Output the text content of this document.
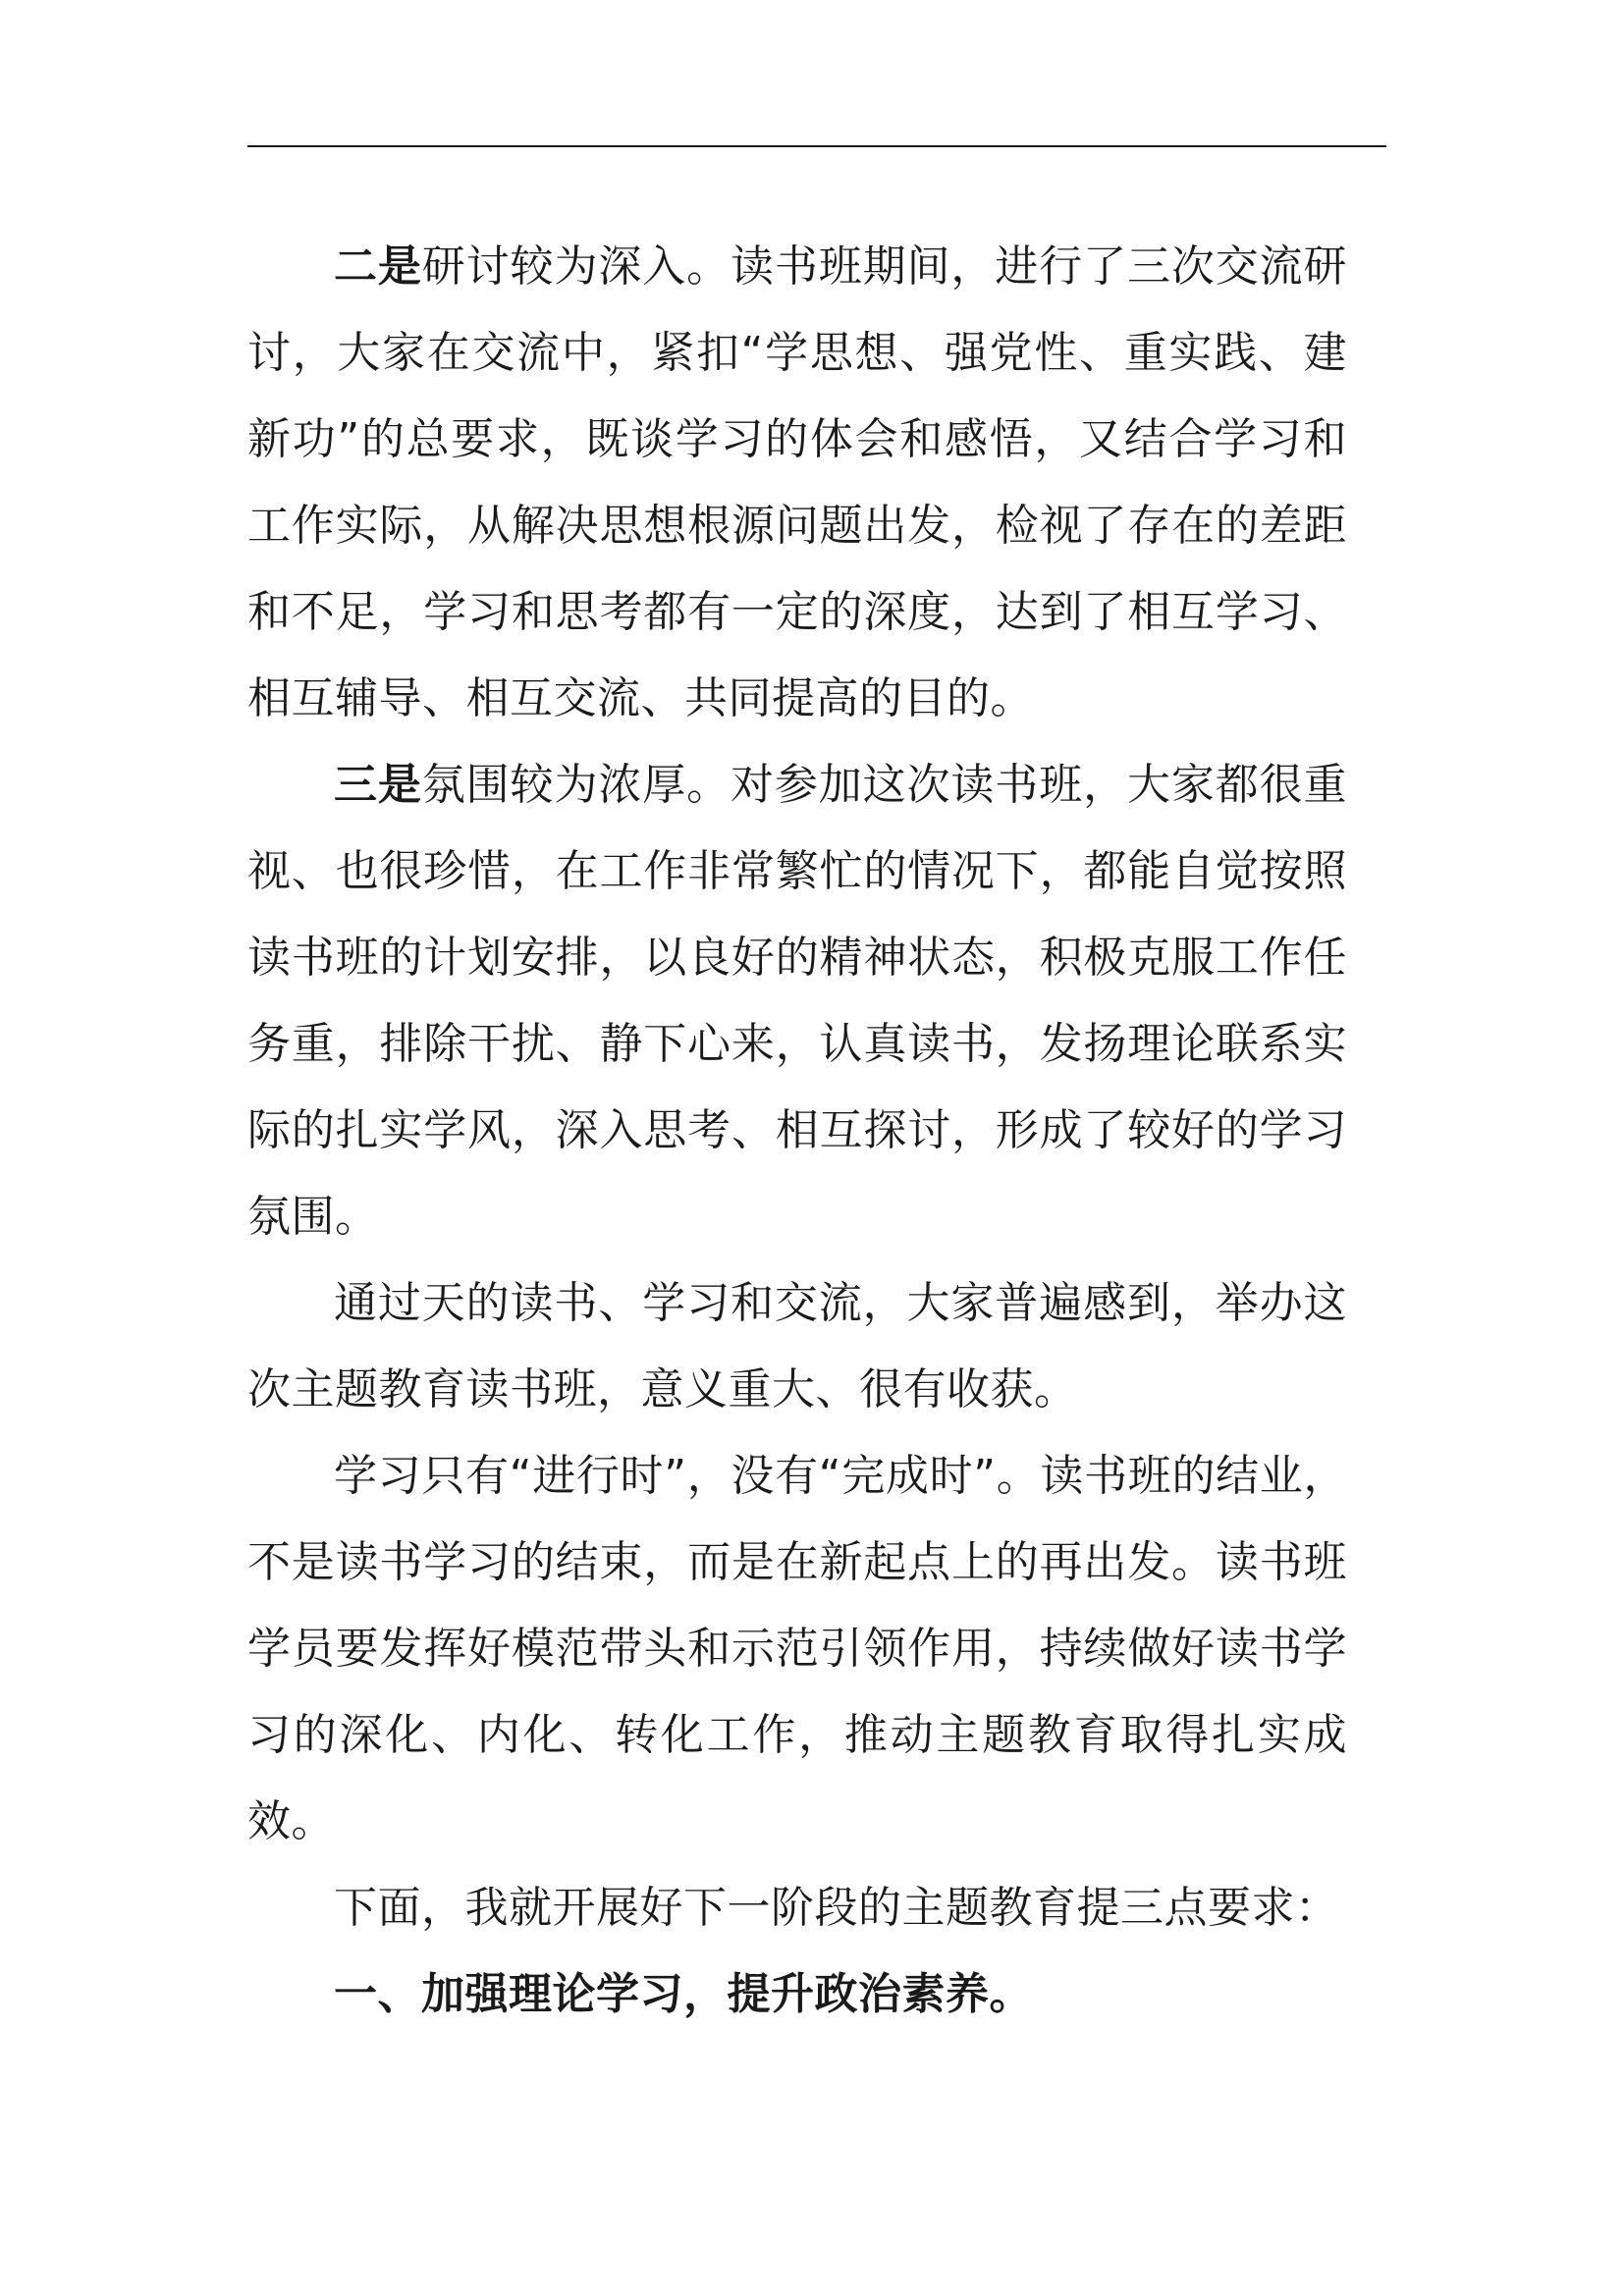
二是研讨较为深入。读书班期间，进行了三次交流研讨，大家在交流中，紧扣“学思想、强党性、重实践、建新功”的总要求，既谈学习的体会和感悟，又结合学习和工作实际，从解决思想根源问题出发，检视了存在的差距和不足，学习和思考都有一定的深度，达到了相互学习、相互辅导、相互交流、共同提高的目的。

三是氛围较为浓厚。对参加这次读书班，大家都很重视、也很珍惜，在工作非常繁忙的情况下，都能自觉按照读书班的计划安排，以良好的精神状态，积极克服工作任务重，排除干扰、静下心来，认真读书，发扬理论联系实际的扎实学风，深入思考、相互探讨，形成了较好的学习氛围。

通过天的读书、学习和交流，大家普遍感到，举办这次主题教育读书班，意义重大、很有收获。

学习只有“进行时”，没有“完成时”。读书班的结业，不是读书学习的结束，而是在新起点上的再出发。读书班学员要发挥好模范带头和示范引领作用，持续做好读书学习的深化、内化、转化工作，推动主题教育取得扎实成效。

下面，我就开展好下一阶段的主题教育提三点要求：

一、加强理论学习，提升政治素养。
